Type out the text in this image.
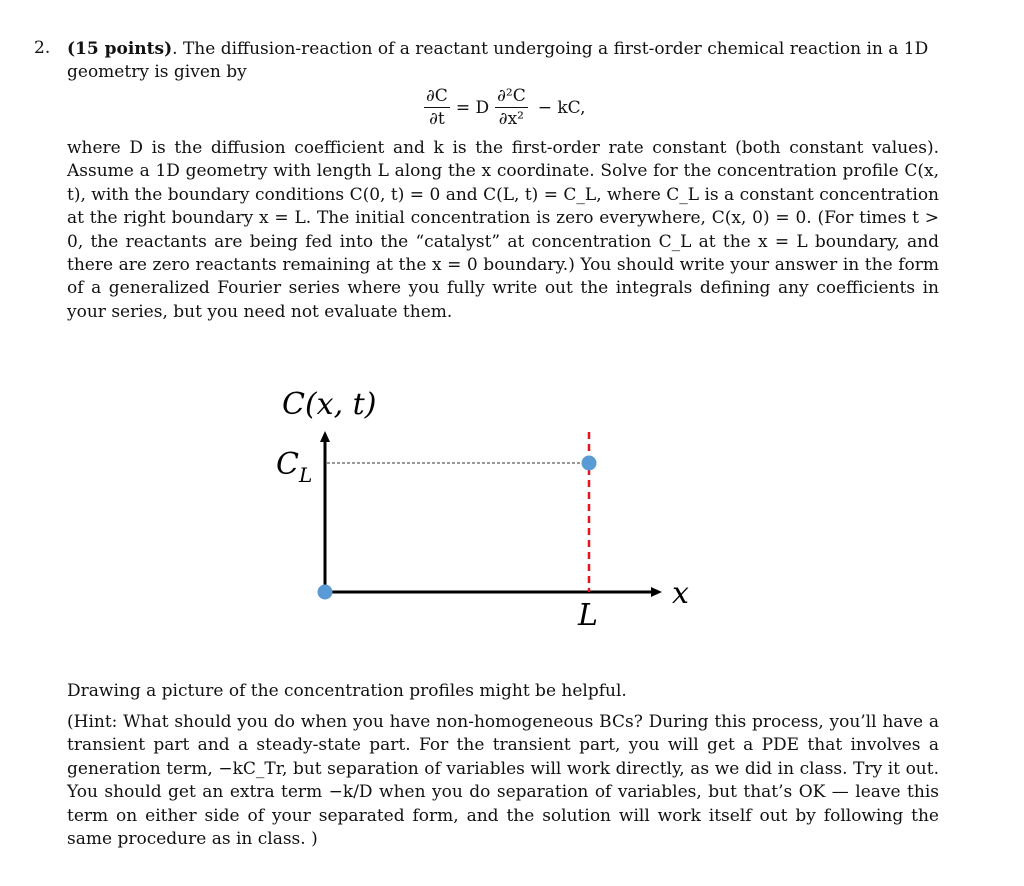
2. (15 points). The diffusion-reaction of a reactant undergoing a first-order chemical reaction in a 1D
geometry is given by
$\frac{\partial C}{\partial t} = D \frac{\text{∂²C}}{\text{∂x²}}$ − kC,
where D is the diffusion coefficient and k is the first-order rate constant (both constant values). Assume a 1D geometry with length L along the x coordinate. Solve for the concentration profile C(x, t), with the boundary conditions C(0, t) = 0 and C(L, t) = C_L, where C_L is a constant concentration at the right boundary x = L. The initial concentration is zero everywhere, C(x, 0) = 0. (For times t > 0, the reactants are being fed into the “catalyst” at concentration C_L at the x = L boundary, and there are zero reactants remaining at the x = 0 boundary.) You should write your answer in the form of a generalized Fourier series where you fully write out the integrals defining any coefficients in your series, but you need not evaluate them.
C(x, t)
$C_L$
x
L
Drawing a picture of the concentration profiles might be helpful.
(Hint: What should you do when you have non-homogeneous BCs? During this process, you’ll have a transient part and a steady-state part. For the transient part, you will get a PDE that involves a generation term, −kC_Tr, but separation of variables will work directly, as we did in class. Try it out. You should get an extra term −k/D when you do separation of variables, but that’s OK — leave this term on either side of your separated form, and the solution will work itself out by following the same procedure as in class. )
